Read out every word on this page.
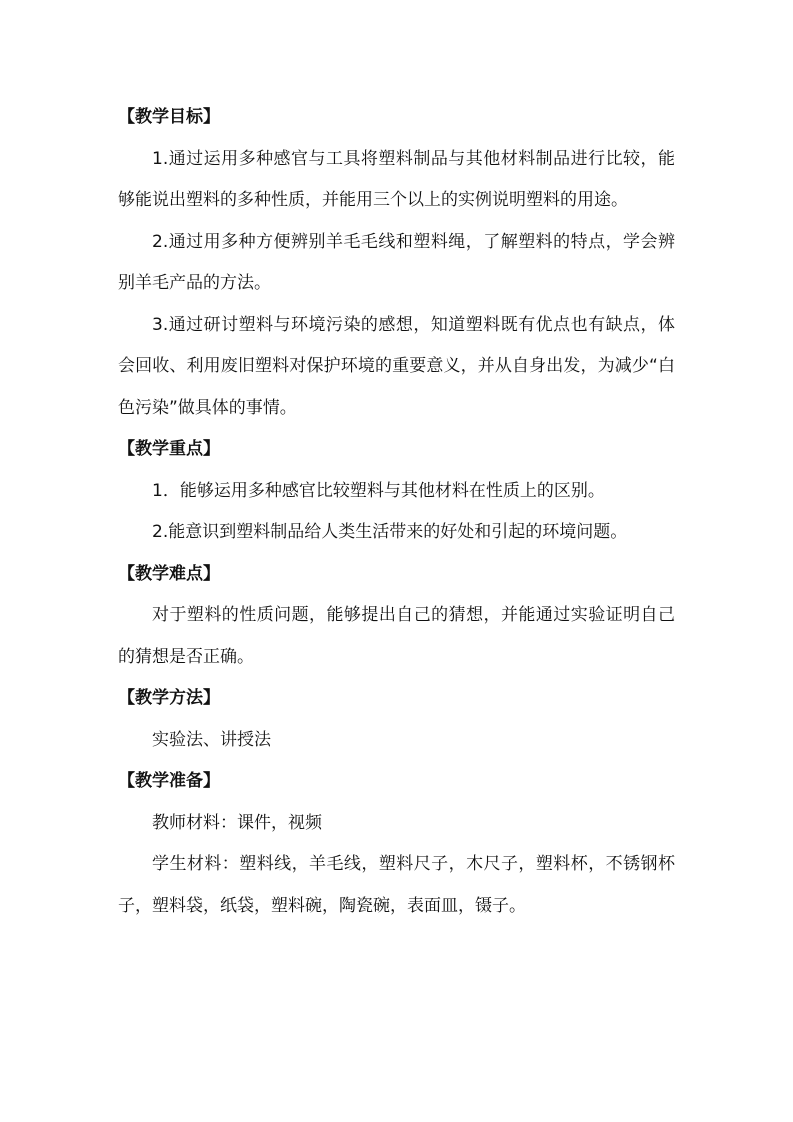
【教学目标】

1.通过运用多种感官与工具将塑料制品与其他材料制品进行比较，能够能说出塑料的多种性质，并能用三个以上的实例说明塑料的用途。

2.通过用多种方便辨别羊毛毛线和塑料绳，了解塑料的特点，学会辨别羊毛产品的方法。

3.通过研讨塑料与环境污染的感想，知道塑料既有优点也有缺点，体会回收、利用废旧塑料对保护环境的重要意义，并从自身出发，为减少“白色污染”做具体的事情。

【教学重点】

1．能够运用多种感官比较塑料与其他材料在性质上的区别。

2.能意识到塑料制品给人类生活带来的好处和引起的环境问题。

【教学难点】

对于塑料的性质问题，能够提出自己的猜想，并能通过实验证明自己的猜想是否正确。

【教学方法】

实验法、讲授法

【教学准备】

教师材料：课件，视频

学生材料：塑料线，羊毛线，塑料尺子，木尺子，塑料杯，不锈钢杯子，塑料袋，纸袋，塑料碗，陶瓷碗，表面皿，镊子。
